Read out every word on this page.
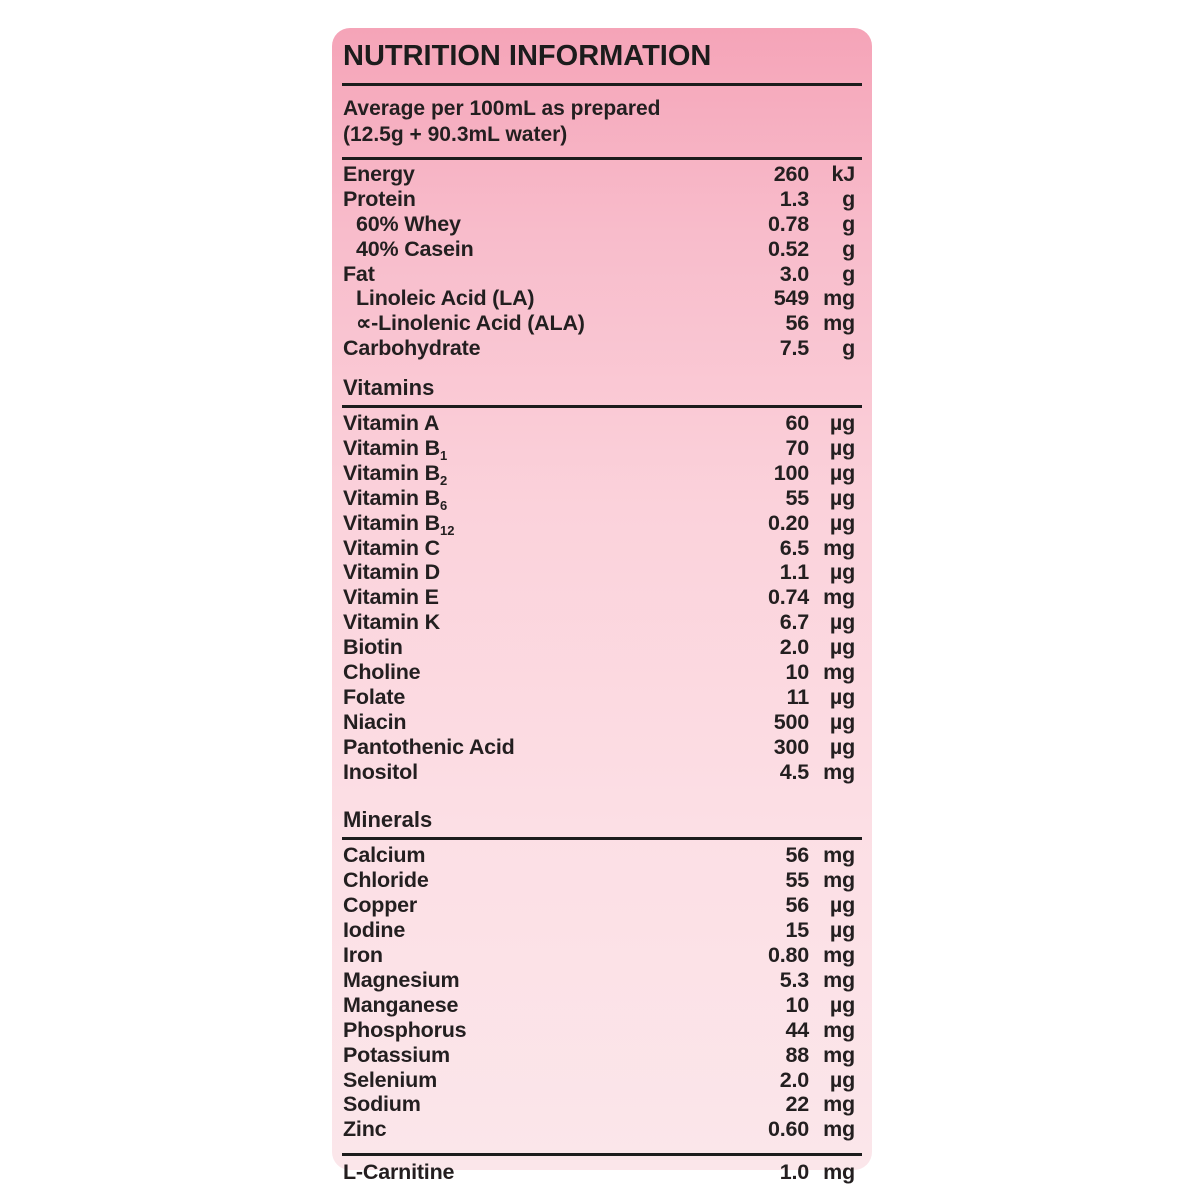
NUTRITION INFORMATION
Average per 100mL as prepared
(12.5g + 90.3mL water)
Energy	260	kJ
Protein	1.3	g
60% Whey	0.78	g
40% Casein	0.52	g
Fat	3.0	g
Linoleic Acid (LA)	549 mg
∝-Linolenic Acid (ALA)	56 mg
Carbohydrate	7.5	g
Vitamins
Vitamin A	60 µg
Vitamin $B_1$	70 µg
Vitamin $B_2$	100 µg
Vitamin $B_6$	55 µg
Vitamin $B_{12}$	0.20 µg
Vitamin C	6.5 mg
Vitamin D	1.1 µg
Vitamin E	0.74 mg
Vitamin K	6.7 µg
Biotin	2.0 µg
Choline	10 mg
Folate	11 µg
Niacin	500 µg
Pantothenic Acid	300 µg
Inositol	4.5 mg
Minerals
Calcium	56 mg
Chloride	55 mg
Copper	56 µg
Iodine	15 µg
Iron	0.80 mg
Magnesium	5.3 mg
Manganese	10 µg
Phosphorus	44 mg
Potassium	88 mg
Selenium	2.0 µg
Sodium	22 mg
Zinc	0.60 mg
L-Carnitine	1.0 mg
